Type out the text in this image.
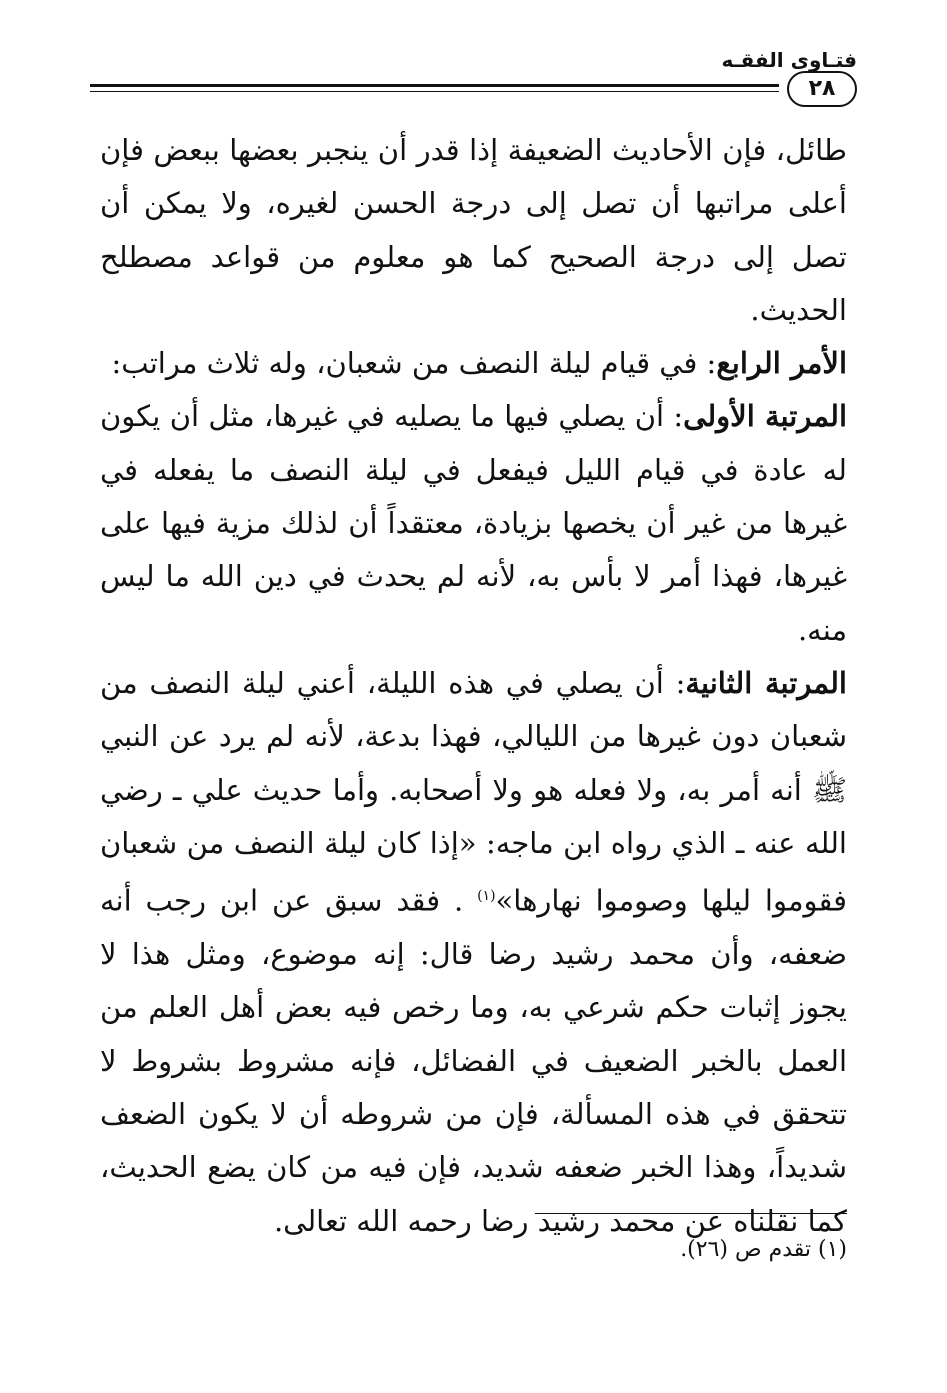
فتـاوى الفقـه
٢٨

طائل، فإن الأحاديث الضعيفة إذا قدر أن ينجبر بعضها ببعض فإن أعلى مراتبها أن تصل إلى درجة الحسن لغيره، ولا يمكن أن تصل إلى درجة الصحيح كما هو معلوم من قواعد مصطلح الحديث.

الأمر الرابع: في قيام ليلة النصف من شعبان، وله ثلاث مراتب:

المرتبة الأولى: أن يصلي فيها ما يصليه في غيرها، مثل أن يكون له عادة في قيام الليل فيفعل في ليلة النصف ما يفعله في غيرها من غير أن يخصها بزيادة، معتقداً أن لذلك مزية فيها على غيرها، فهذا أمر لا بأس به، لأنه لم يحدث في دين الله ما ليس منه.

المرتبة الثانية: أن يصلي في هذه الليلة، أعني ليلة النصف من شعبان دون غيرها من الليالي، فهذا بدعة، لأنه لم يرد عن النبي ﷺ أنه أمر به، ولا فعله هو ولا أصحابه. وأما حديث علي ـ رضي الله عنه ـ الذي رواه ابن ماجه: «إذا كان ليلة النصف من شعبان فقوموا ليلها وصوموا نهارها»$^{(١)}$ . فقد سبق عن ابن رجب أنه ضعفه، وأن محمد رشيد رضا قال: إنه موضوع، ومثل هذا لا يجوز إثبات حكم شرعي به، وما رخص فيه بعض أهل العلم من العمل بالخبر الضعيف في الفضائل، فإنه مشروط بشروط لا تتحقق في هذه المسألة، فإن من شروطه أن لا يكون الضعف شديداً، وهذا الخبر ضعفه شديد، فإن فيه من كان يضع الحديث، كما نقلناه عن محمد رشيد رضا رحمه الله تعالى.

(١) تقدم ص (٢٦).
